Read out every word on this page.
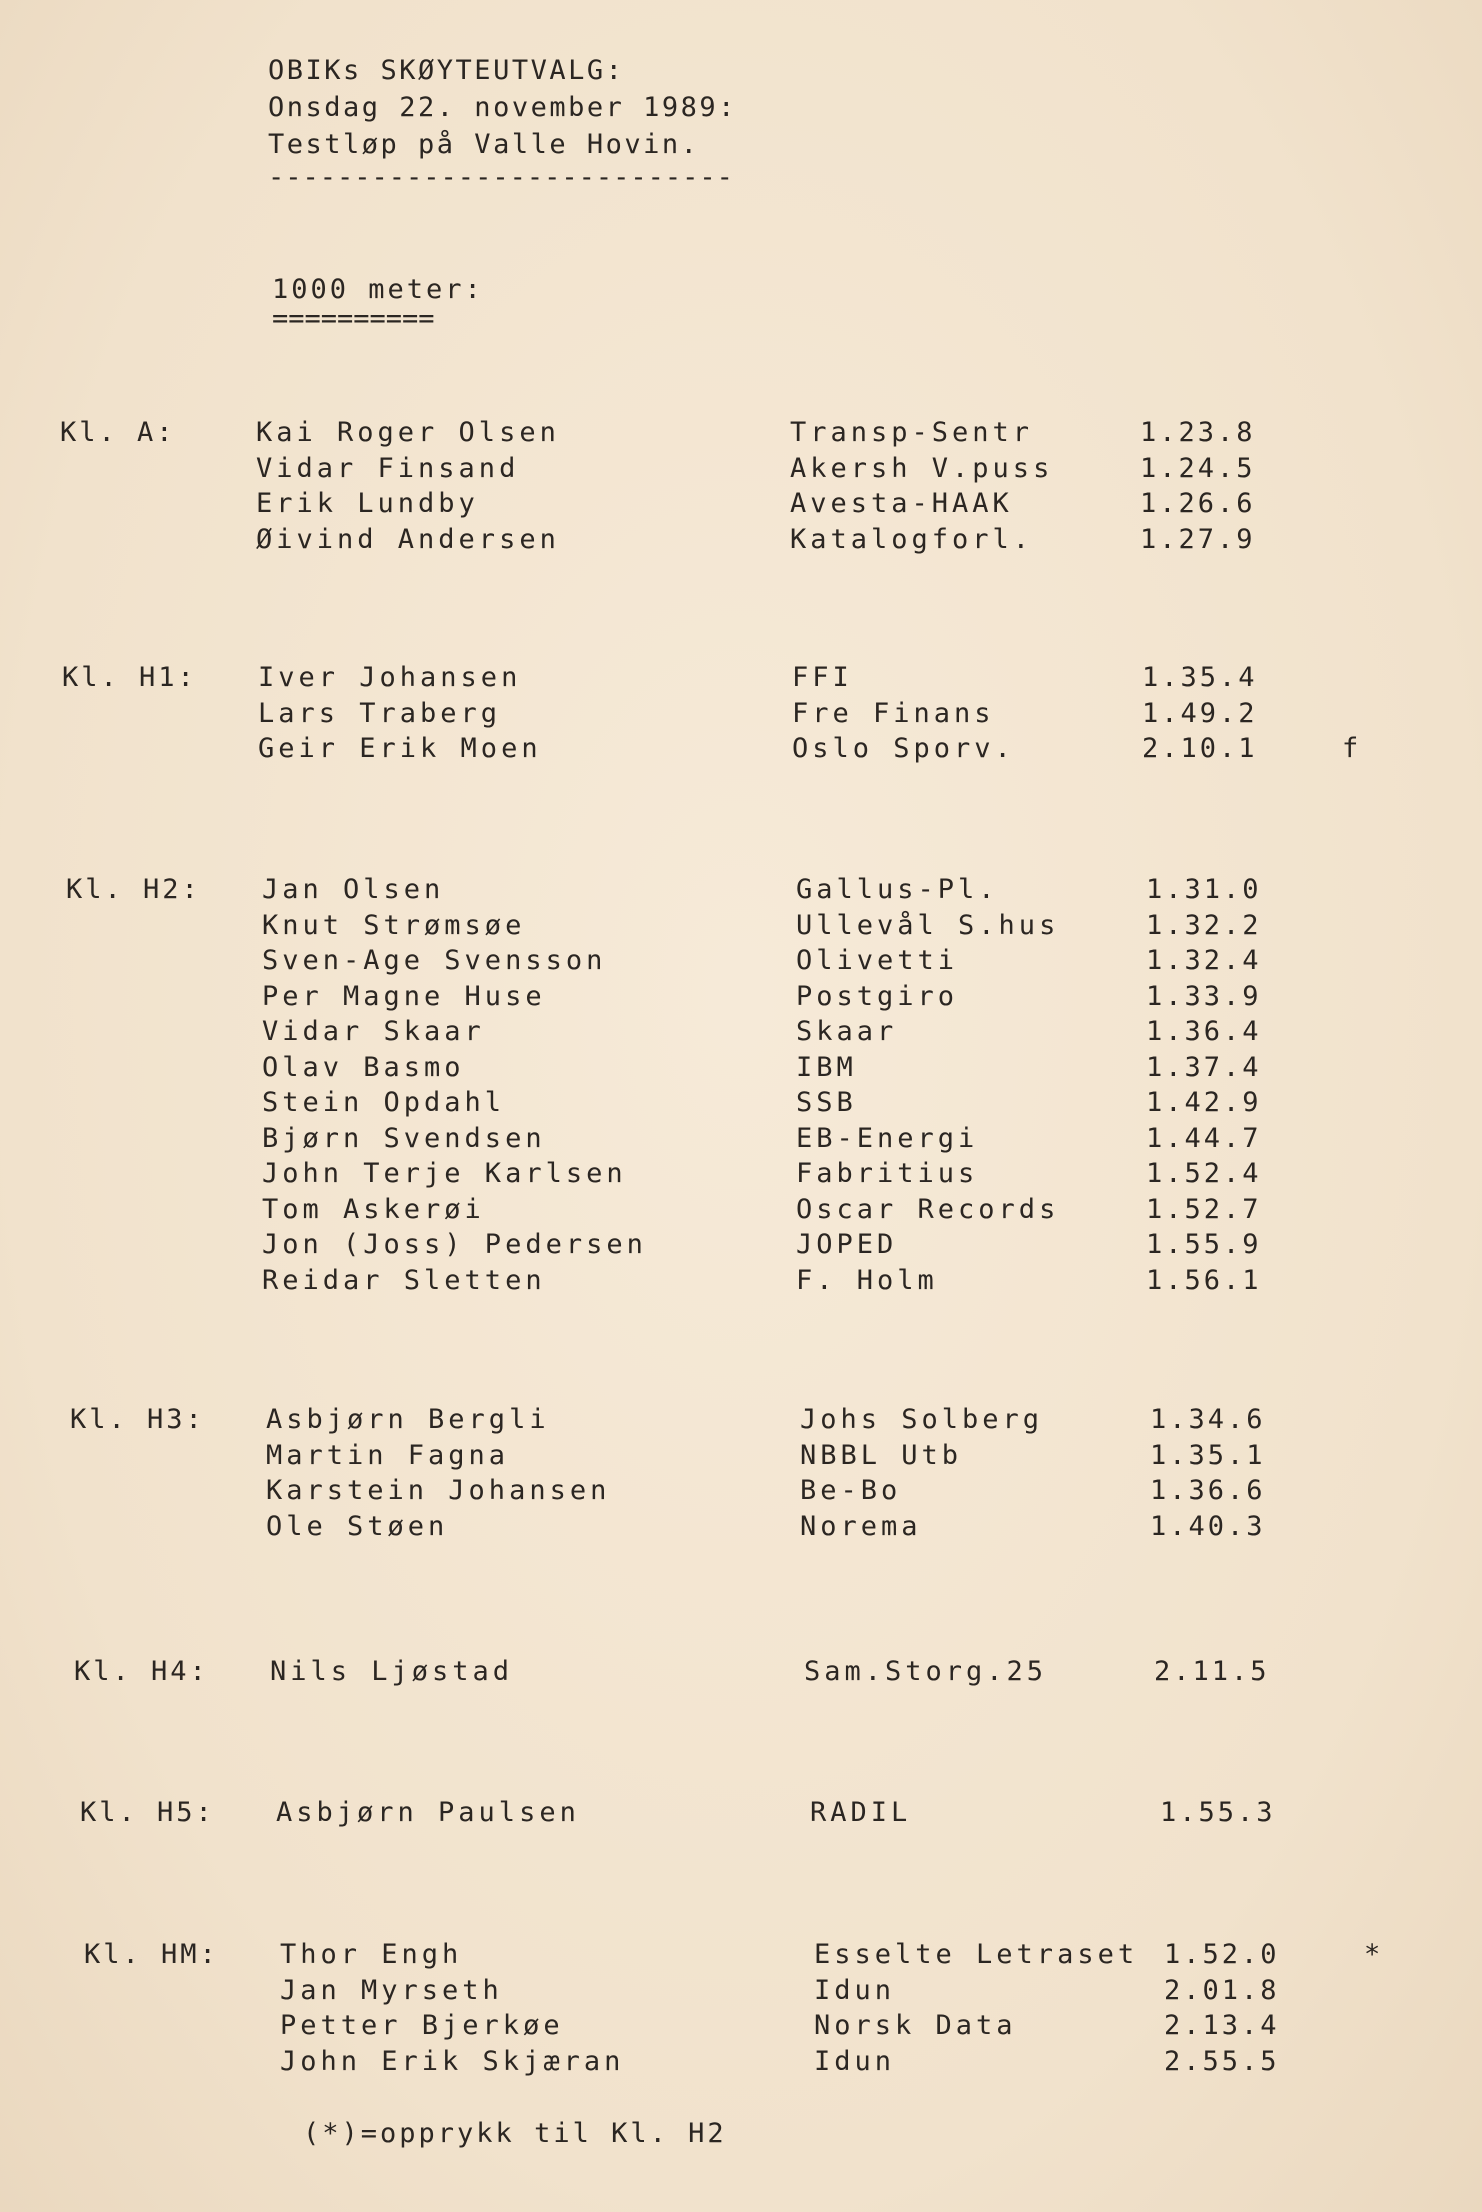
OBIKs SKØYTEUTVALG:
Onsdag 22. november 1989:
Testløp på Valle Hovin.
---------------------------
1000 meter:
==========
Kl. A:	Kai Roger Olsen	Transp-Sentr	1.23.8
Vidar Finsand	Akersh V.puss	1.24.5
Erik Lundby	Avesta-HAAK	1.26.6
Øivind Andersen	Katalogforl.	1.27.9
Kl. H1:	Iver Johansen	FFI	1.35.4
Lars Traberg	Fre Finans	1.49.2
Geir Erik Moen	Oslo Sporv.	2.10.1	f
Kl. H2:	Jan Olsen	Gallus-Pl.	1.31.0
Knut Strømsøe	Ullevål S.hus	1.32.2
Sven-Age Svensson	Olivetti	1.32.4
Per Magne Huse	Postgiro	1.33.9
Vidar Skaar	Skaar	1.36.4
Olav Basmo	IBM	1.37.4
Stein Opdahl	SSB	1.42.9
Bjørn Svendsen	EB-Energi	1.44.7
John Terje Karlsen	Fabritius	1.52.4
Tom Askerøi	Oscar Records	1.52.7
Jon (Joss) Pedersen	JOPED	1.55.9
Reidar Sletten	F. Holm	1.56.1
Kl. H3:	Asbjørn Bergli	Johs Solberg	1.34.6
Martin Fagna	NBBL Utb	1.35.1
Karstein Johansen	Be-Bo	1.36.6
Ole Støen	Norema	1.40.3
Kl. H4:	Nils Ljøstad	Sam.Storg.25	2.11.5
Kl. H5:	Asbjørn Paulsen	RADIL	1.55.3
Kl. HM:	Thor Engh	Esselte Letraset 1.52.0	*
Jan Myrseth	Idun	2.01.8
Petter Bjerkøe	Norsk Data	2.13.4
John Erik Skjæran	Idun	2.55.5
(*)=opprykk til Kl. H2
